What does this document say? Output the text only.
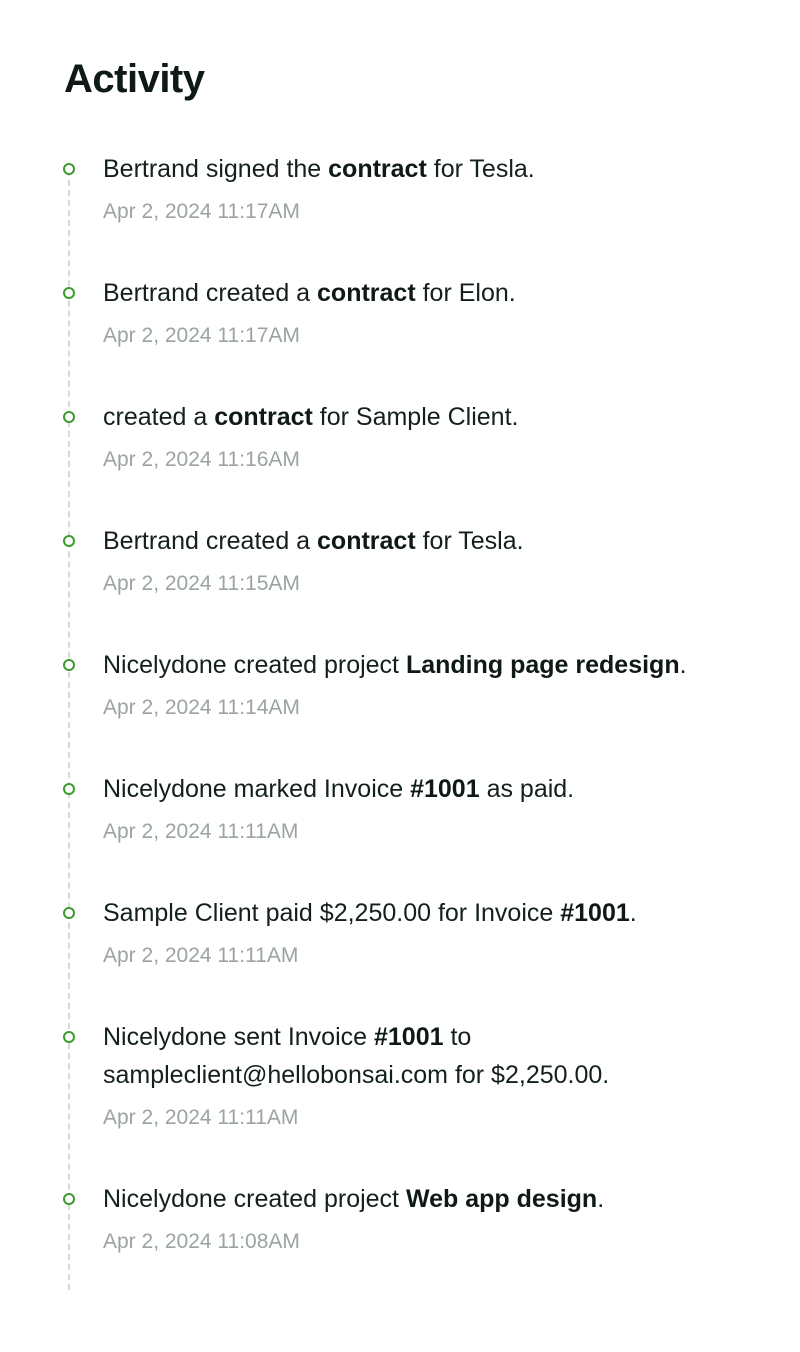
Activity

Bertrand signed the contract for Tesla.

Apr 2, 2024 11:17AM

Bertrand created a contract for Elon.

Apr 2, 2024 11:17AM

created a contract for Sample Client.

Apr 2, 2024 11:16AM

Bertrand created a contract for Tesla.

Apr 2, 2024 11:15AM

Nicelydone created project Landing page redesign.

Apr 2, 2024 11:14AM

Nicelydone marked Invoice #1001 as paid.

Apr 2, 2024 11:11AM

Sample Client paid $2,250.00 for Invoice #1001.

Apr 2, 2024 11:11AM

Nicelydone sent Invoice #1001 to sampleclient@hellobonsai.com for $2,250.00.

Apr 2, 2024 11:11AM

Nicelydone created project Web app design.

Apr 2, 2024 11:08AM
